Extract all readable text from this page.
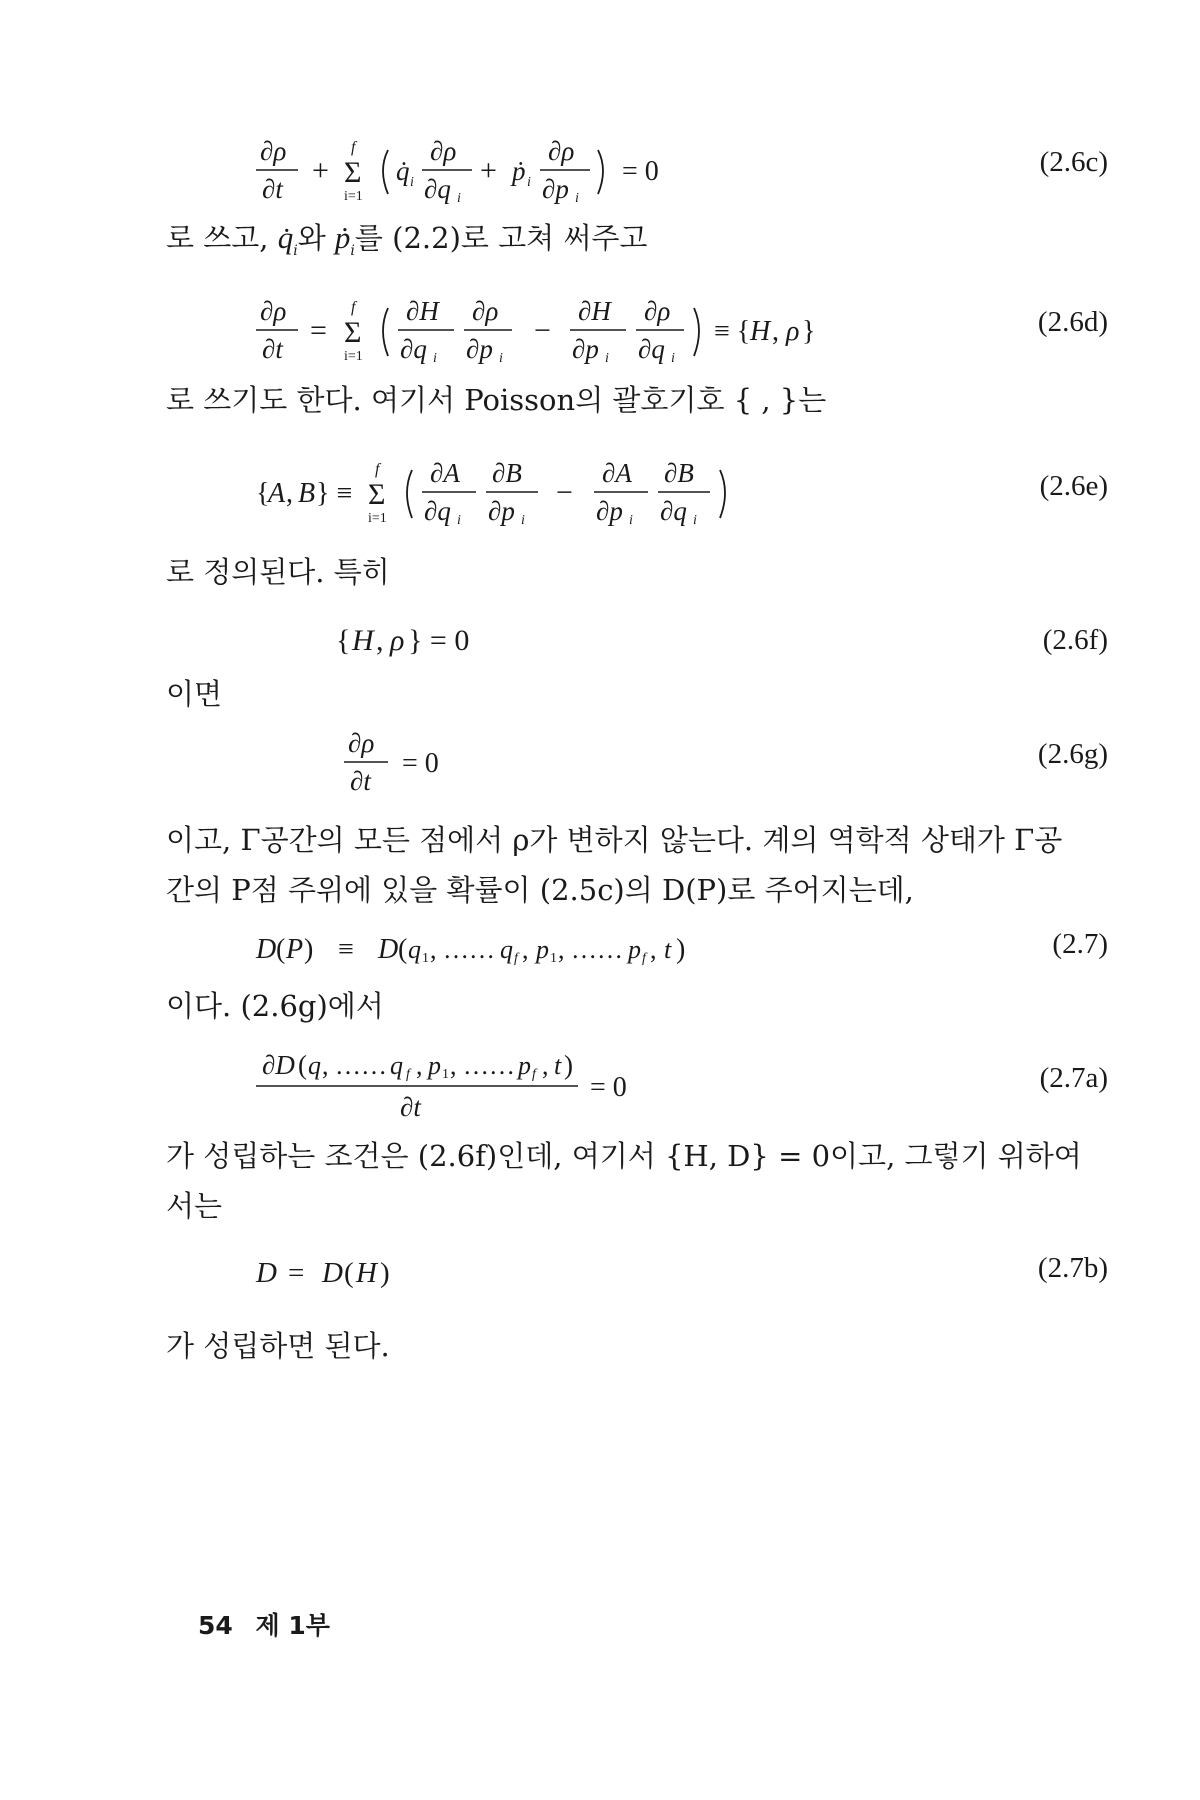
∂ρ
∂t
+
f
Σ
i=1
q̇ i
∂ρ
∂q i
+ ṗ i
∂ρ
∂p i
= 0	(2.6c)
로 쓰고, $q̇_i$와 ṗ$_i$를 (2.2)로 고쳐 써주고
∂ρ
∂t
=
f
Σ
i=1
∂H
∂q i
∂ρ
∂p i
−
∂H
∂p i
∂ρ
∂q i
≡ { H , ρ }	(2.6d)
로 쓰기도 한다. 여기서 Poisson의 괄호기호 { , }는
{
A , B } ≡
f
Σ
i=1
∂A
∂q i
∂B
∂p i
−
∂A
∂p i
∂B
∂q i
(2.6e)
로 정의된다. 특히
{ H , ρ } = 0	(2.6f)
이면
∂ρ
∂t
= 0	(2.6g)
이고, Γ공간의 모든 점에서 ρ가 변하지 않는다. 계의 역학적 상태가 Γ공
간의 P점 주위에 있을 확률이 (2.5c)의 D(P)로 주어지는데,
D ( P ) ≡ D ( q 1 , …… q f , p 1 , …… p f , t )	(2.7)
이다. (2.6g)에서
∂D ( q , …… q f , p 1 , …… p f , t )
∂t
= 0	(2.7a)
가 성립하는 조건은 (2.6f)인데, 여기서 {H, D} = 0이고, 그렇기 위하여
서는
D = D ( H )	(2.7b)
가 성립하면 된다.
54 제 1부
